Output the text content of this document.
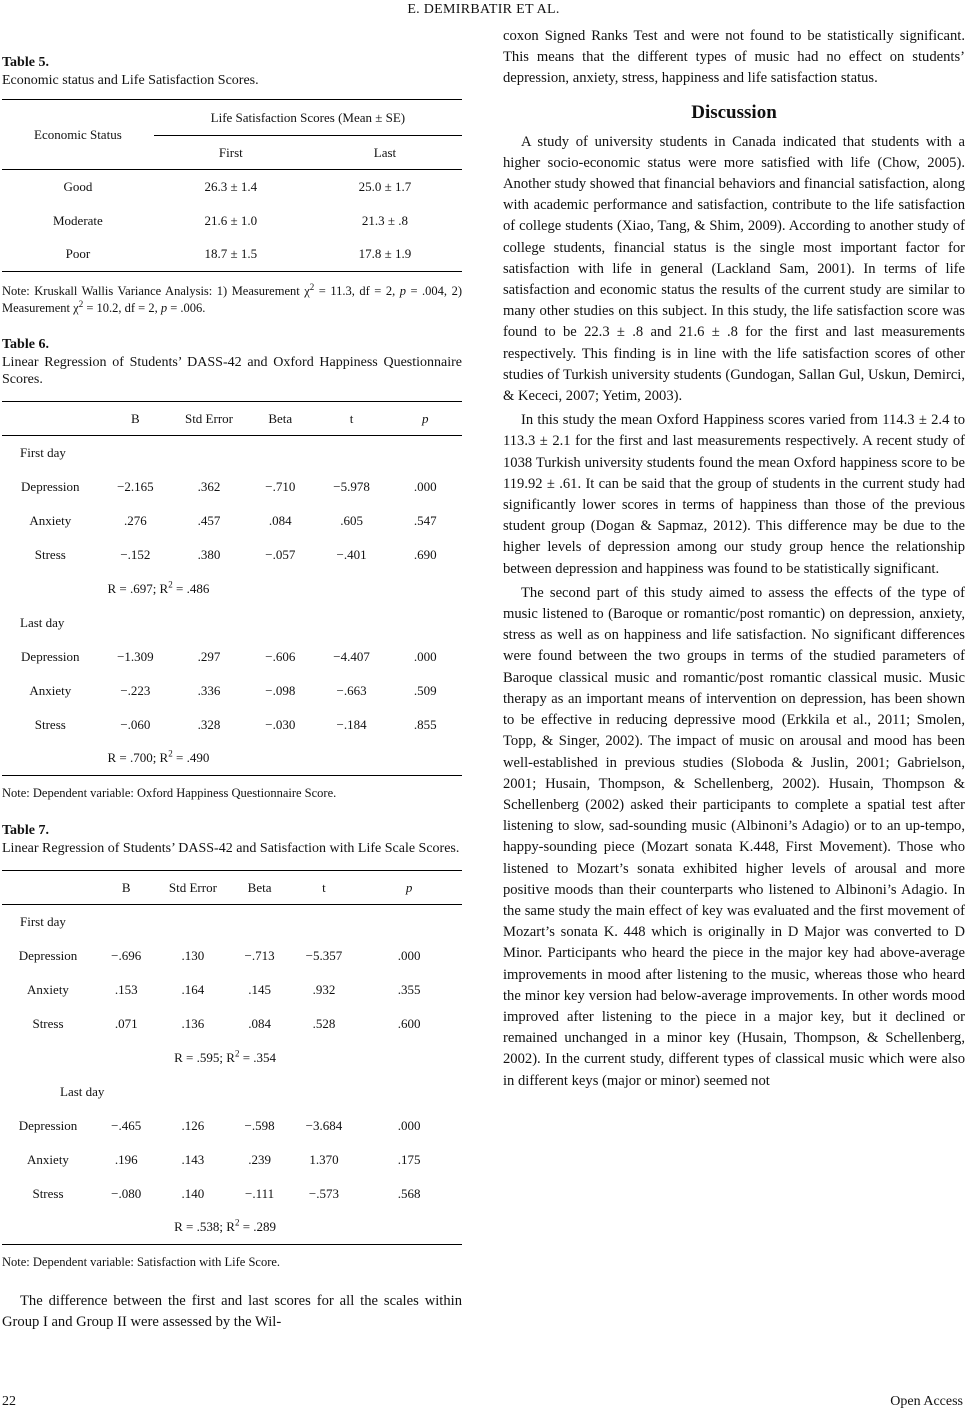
E. DEMIRBATIR ET AL.
Table 5.
Economic status and Life Satisfaction Scores.
Economic Status	Life Satisfaction Scores (Mean ± SE)	
	First	Last
Good	26.3 ± 1.4	25.0 ± 1.7
Moderate	21.6 ± 1.0	21.3 ± .8
Poor	18.7 ± 1.5	17.8 ± 1.9
Note: Kruskall Wallis Variance Analysis: 1) Measurement $\chi^2 = 11.3$, df = 2, p = .004, 2) Measurement $\chi^2 = 10.2$, df = 2, p = .006.
Table 6.
Linear Regression of Students’ DASS-42 and Oxford Happiness Questionnaire Scores.
	B	Std Error	Beta	t	p
First day					
Depression	−2.165	.362	−.710	−5.978	.000
Anxiety	.276	.457	.084	.605	.547
Stress	−.152	.380	−.057	−.401	.690
R = .697; $R^2 = .486$					
Last day					
Depression	−1.309	.297	−.606	−4.407	.000
Anxiety	−.223	.336	−.098	−.663	.509
Stress	−.060	.328	−.030	−.184	.855
R = .700; $R^2 = .490$					
Note: Dependent variable: Oxford Happiness Questionnaire Score.
Table 7.
Linear Regression of Students’ DASS-42 and Satisfaction with Life Scale Scores.
	B	Std Error	Beta	t	p
First day					
Depression	−.696	.130	−.713	−5.357	.000
Anxiety	.153	.164	.145	.932	.355
Stress	.071	.136	.084	.528	.600
	R = .595; $R^2 = .354$				
Last day					
Depression	−.465	.126	−.598	−3.684	.000
Anxiety	.196	.143	.239	1.370	.175
Stress	−.080	.140	−.111	−.573	.568
	R = .538; $R^2 = .289$				
Note: Dependent variable: Satisfaction with Life Score.

The difference between the first and last scores for all the scales within Group I and Group II were assessed by the Wil-

coxon Signed Ranks Test and were not found to be statistically significant. This means that the different types of music had no effect on students’ depression, anxiety, stress, happiness and life satisfaction status.

Discussion

A study of university students in Canada indicated that students with a higher socio-economic status were more satisfied with life (Chow, 2005). Another study showed that financial behaviors and financial satisfaction, along with academic performance and satisfaction, contribute to the life satisfaction of college students (Xiao, Tang, & Shim, 2009). According to another study of college students, financial status is the single most important factor for satisfaction with life in general (Lackland Sam, 2001). In terms of life satisfaction and economic status the results of the current study are similar to many other studies on this subject. In this study, the life satisfaction score was found to be 22.3 ± .8 and 21.6 ± .8 for the first and last measurements respectively. This finding is in line with the life satisfaction scores of other studies of Turkish university students (Gundogan, Sallan Gul, Uskun, Demirci, & Kececi, 2007; Yetim, 2003).

In this study the mean Oxford Happiness scores varied from 114.3 ± 2.4 to 113.3 ± 2.1 for the first and last measurements respectively. A recent study of 1038 Turkish university students found the mean Oxford happiness score to be 119.92 ± .61. It can be said that the group of students in the current study had significantly lower scores in terms of happiness than those of the previous student group (Dogan & Sapmaz, 2012). This difference may be due to the higher levels of depression among our study group hence the relationship between depression and happiness was found to be statistically significant.

The second part of this study aimed to assess the effects of the type of music listened to (Baroque or romantic/post romantic) on depression, anxiety, stress as well as on happiness and life satisfaction. No significant differences were found between the two groups in terms of the studied parameters of Baroque classical music and romantic/post romantic classical music. Music therapy as an important means of intervention on depression, has been shown to be effective in reducing depressive mood (Erkkila et al., 2011; Smolen, Topp, & Singer, 2002). The impact of music on arousal and mood has been well-established in previous studies (Sloboda & Juslin, 2001; Gabrielson, 2001; Husain, Thompson, & Schellenberg, 2002). Husain, Thompson & Schellenberg (2002) asked their participants to complete a spatial test after listening to slow, sad-sounding music (Albinoni’s Adagio) or to an up-tempo, happy-sounding piece (Mozart sonata K.448, First Movement). Those who listened to Mozart’s sonata exhibited higher levels of arousal and more positive moods than their counterparts who listened to Albinoni’s Adagio. In the same study the main effect of key was evaluated and the first movement of Mozart’s sonata K. 448 which is originally in D Major was converted to D Minor. Participants who heard the piece in the major key had above-average improvements in mood after listening to the music, whereas those who heard the minor key version had below-average improvements. In other words mood improved after listening to the piece in a major key, but it declined or remained unchanged in a minor key (Husain, Thompson, & Schellenberg, 2002). In the current study, different types of classical music which were also in different keys (major or minor) seemed not

22	Open Access
